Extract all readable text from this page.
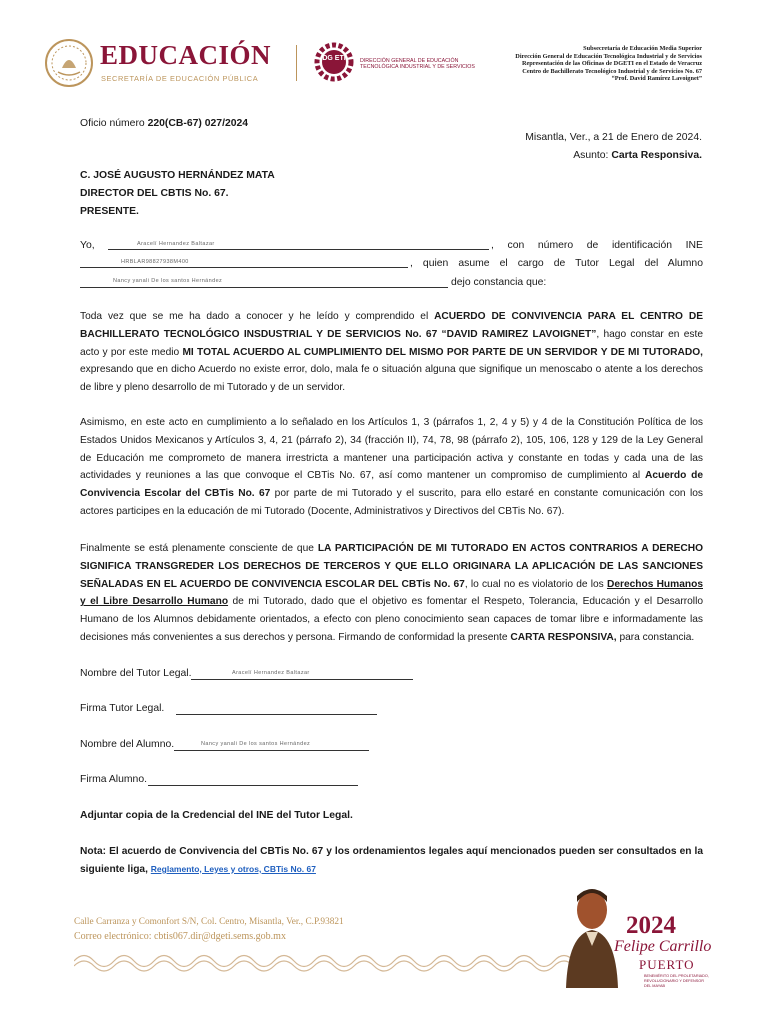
EDUCACIÓN
SECRETARÍA DE EDUCACIÓN PÚBLICA
DG ETI	DIRECCIÓN GENERAL DE EDUCACIÓN
TECNOLÓGICA INDUSTRIAL Y DE SERVICIOS
Subsecretaría de Educación Media Superior
Dirección General de Educación Tecnológica Industrial y de Servicios
Representación de las Oficinas de DGETI en el Estado de Veracruz
Centro de Bachillerato Tecnológico Industrial y de Servicios No. 67
“Prof. David Ramírez Lavoignet”
Oficio número 220(CB-67) 027/2024
Misantla, Ver., a 21 de Enero de 2024.
Asunto: Carta Responsiva.
C. JOSÉ AUGUSTO HERNÁNDEZ MATA
DIRECTOR DEL CBTIS No. 67.
PRESENTE.
Yo,	Aracelí Hernandez Baltazar	, con número de identificación INE
HRBLAR98827938M400	, quien asume el cargo de Tutor Legal del Alumno
Nancy yanali De los santos Hernández	dejo constancia que:

Toda vez que se me ha dado a conocer y he leído y comprendido el ACUERDO DE CONVIVENCIA PARA EL CENTRO DE BACHILLERATO TECNOLÓGICO INSDUSTRIAL Y DE SERVICIOS No. 67 “DAVID RAMIREZ LAVOIGNET”, hago constar en este acto y por este medio MI TOTAL ACUERDO AL CUMPLIMIENTO DEL MISMO POR PARTE DE UN SERVIDOR Y DE MI TUTORADO, expresando que en dicho Acuerdo no existe error, dolo, mala fe o situación alguna que signifique un menoscabo o atente a los derechos de libre y pleno desarrollo de mi Tutorado y de un servidor.

Asimismo, en este acto en cumplimiento a lo señalado en los Artículos 1, 3 (párrafos 1, 2, 4 y 5) y 4 de la Constitución Política de los Estados Unidos Mexicanos y Artículos 3, 4, 21 (párrafo 2), 34 (fracción II), 74, 78, 98 (párrafo 2), 105, 106, 128 y 129 de la Ley General de Educación me comprometo de manera irrestricta a mantener una participación activa y constante en todas y cada una de las actividades y reuniones a las que convoque el CBTis No. 67, así como mantener un compromiso de cumplimiento al Acuerdo de Convivencia Escolar del CBTis No. 67 por parte de mi Tutorado y el suscrito, para ello estaré en constante comunicación con los actores participes en la educación de mi Tutorado (Docente, Administrativos y Directivos del CBTis No. 67).

Finalmente se está plenamente consciente de que LA PARTICIPACIÓN DE MI TUTORADO EN ACTOS CONTRARIOS A DERECHO SIGNIFICA TRANSGREDER LOS DERECHOS DE TERCEROS Y QUE ELLO ORIGINARA LA APLICACIÓN DE LAS SANCIONES SEÑALADAS EN EL ACUERDO DE CONVIVENCIA ESCOLAR DEL CBTis No. 67, lo cual no es violatorio de los Derechos Humanos y el Libre Desarrollo Humano de mi Tutorado, dado que el objetivo es fomentar el Respeto, Tolerancia, Educación y el Desarrollo Humano de los Alumnos debidamente orientados, a efecto con pleno conocimiento sean capaces de tomar libre e informadamente las decisiones más convenientes a sus derechos y persona. Firmando de conformidad la presente CARTA RESPONSIVA, para constancia.

Nombre del Tutor Legal.	Aracelí Hernandez Baltazar
Firma Tutor Legal.
Nombre del Alumno.	Nancy yanali De los santos Hernández
Firma Alumno.
Adjuntar copia de la Credencial del INE del Tutor Legal.

Nota: El acuerdo de Convivencia del CBTis No. 67 y los ordenamientos legales aquí mencionados pueden ser consultados en la siguiente liga, Reglamento, Leyes y otros, CBTis No. 67

Calle Carranza y Comonfort S/N, Col. Centro, Misantla, Ver., C.P.93821
Correo electrónico: cbtis067.dir@dgeti.sems.gob.mx	2024
Felipe Carrillo
PUERTO
BENEMÉRITO DEL PROLETARIADO,
REVOLUCIONARIO Y DEFENSOR
DEL MAYAB
